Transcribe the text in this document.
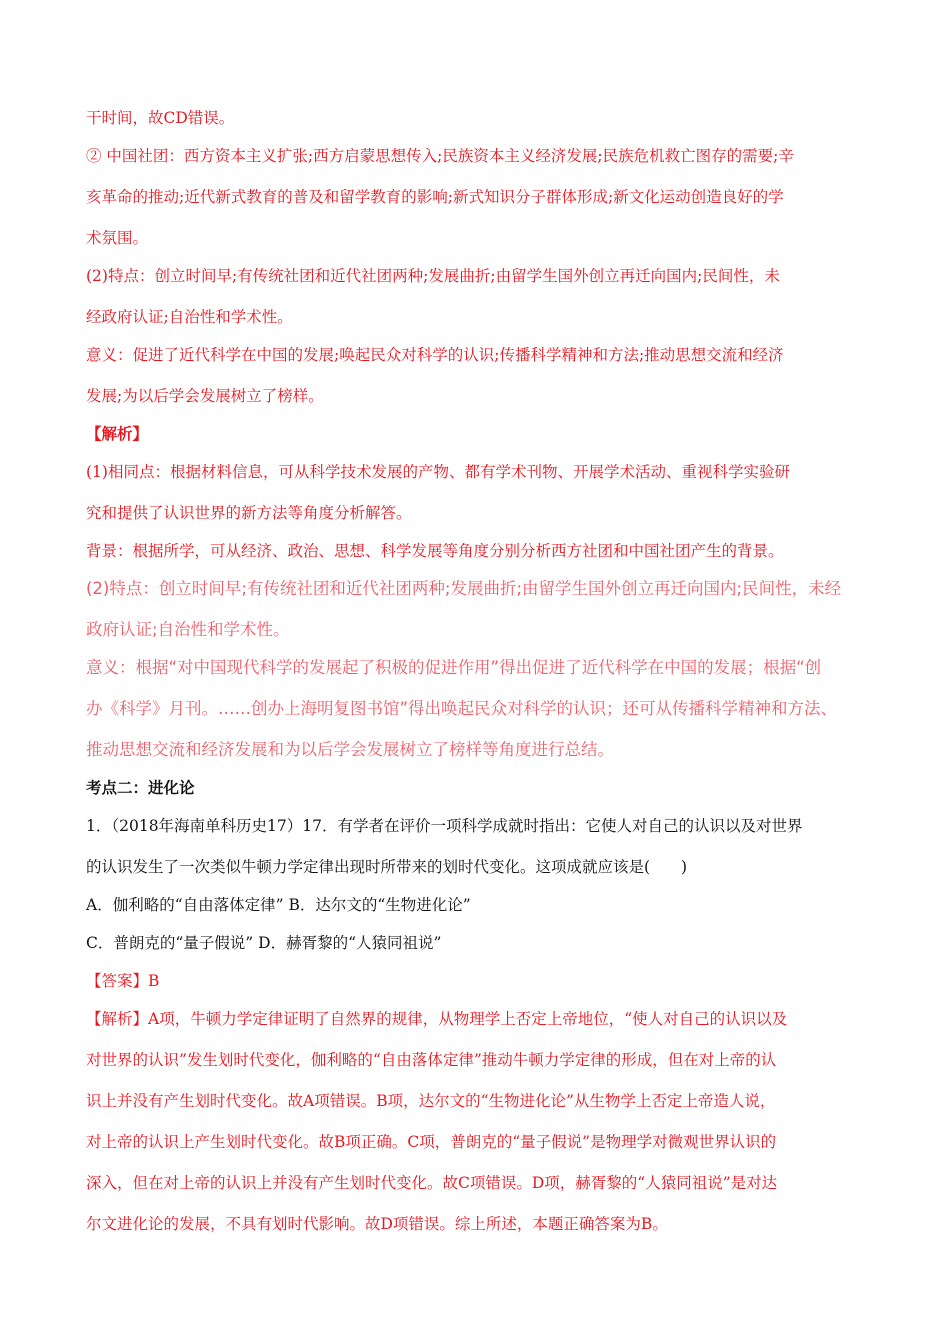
干时间，故CD错误。

② 中国社团：西方资本主义扩张;西方启蒙思想传入;民族资本主义经济发展;民族危机救亡图存的需要;辛

亥革命的推动;近代新式教育的普及和留学教育的影响;新式知识分子群体形成;新文化运动创造良好的学

术氛围。

(2)特点：创立时间早;有传统社团和近代社团两种;发展曲折;由留学生国外创立再迁向国内;民间性，未

经政府认证;自治性和学术性。

意义：促进了近代科学在中国的发展;唤起民众对科学的认识;传播科学精神和方法;推动思想交流和经济

发展;为以后学会发展树立了榜样。

【解析】

(1)相同点：根据材料信息，可从科学技术发展的产物、都有学术刊物、开展学术活动、重视科学实验研

究和提供了认识世界的新方法等角度分析解答。

背景：根据所学，可从经济、政治、思想、科学发展等角度分别分析西方社团和中国社团产生的背景。

(2)特点：创立时间早;有传统社团和近代社团两种;发展曲折;由留学生国外创立再迁向国内;民间性，未经

政府认证;自治性和学术性。

意义：根据“对中国现代科学的发展起了积极的促进作用”得出促进了近代科学在中国的发展；根据“创

办《科学》月刊。……创办上海明复图书馆”得出唤起民众对科学的认识；还可从传播科学精神和方法、

推动思想交流和经济发展和为以后学会发展树立了榜样等角度进行总结。

考点二：进化论

1．（2018年海南单科历史17）17．有学者在评价一项科学成就时指出：它使人对自己的认识以及对世界

的认识发生了一次类似牛顿力学定律出现时所带来的划时代变化。这项成就应该是(　　)

A．伽利略的“自由落体定律” B．达尔文的“生物进化论”

C．普朗克的“量子假说” D．赫胥黎的“人猿同祖说”

【答案】B

【解析】A项，牛顿力学定律证明了自然界的规律，从物理学上否定上帝地位，“使人对自己的认识以及

对世界的认识”发生划时代变化，伽利略的“自由落体定律”推动牛顿力学定律的形成，但在对上帝的认

识上并没有产生划时代变化。故A项错误。B项，达尔文的“生物进化论”从生物学上否定上帝造人说，

对上帝的认识上产生划时代变化。故B项正确。C项，普朗克的“量子假说”是物理学对微观世界认识的

深入，但在对上帝的认识上并没有产生划时代变化。故C项错误。D项，赫胥黎的“人猿同祖说”是对达

尔文进化论的发展，不具有划时代影响。故D项错误。综上所述，本题正确答案为B。
